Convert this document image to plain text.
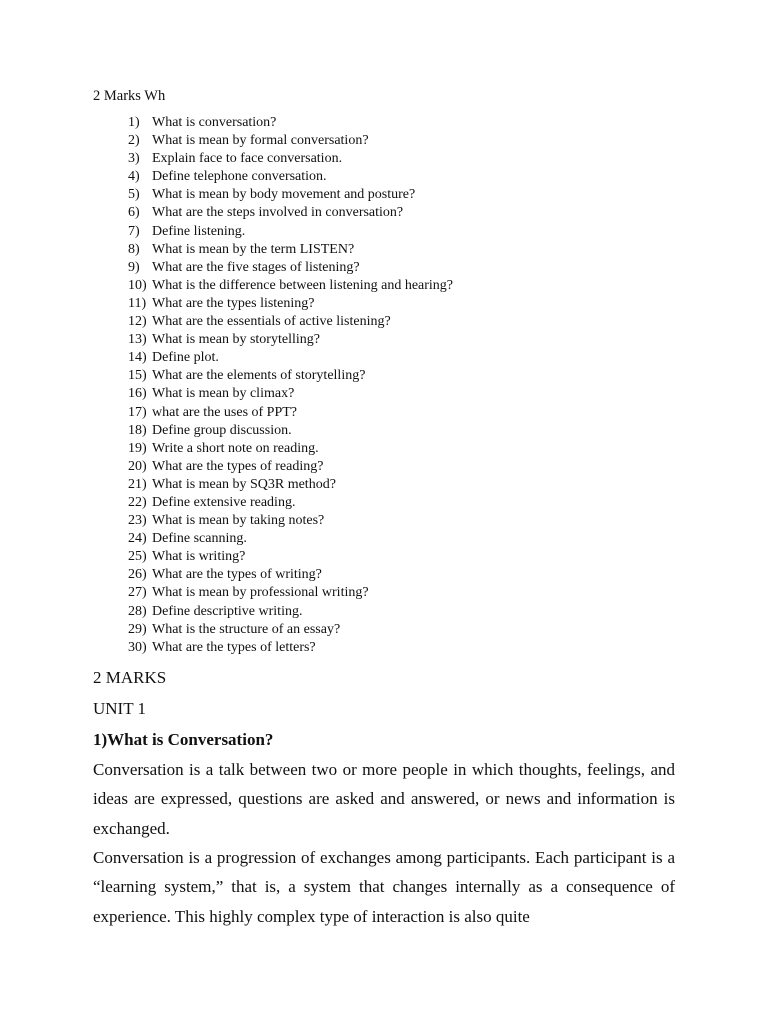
2 Marks Wh
1) What is conversation?
2) What is mean by formal conversation?
3) Explain face to face conversation.
4) Define telephone conversation.
5) What is mean by body movement and posture?
6) What are the steps involved in conversation?
7) Define listening.
8) What is mean by the term LISTEN?
9) What are the five stages of listening?
10) What is the difference between listening and hearing?
11) What are the types listening?
12) What are the essentials of active listening?
13) What is mean by storytelling?
14) Define plot.
15) What are the elements of storytelling?
16) What is mean by climax?
17) what are the uses of PPT?
18) Define group discussion.
19) Write a short note on reading.
20) What are the types of reading?
21) What is mean by SQ3R method?
22) Define extensive reading.
23) What is mean by taking notes?
24) Define scanning.
25) What is writing?
26) What are the types of writing?
27) What is mean by professional writing?
28) Define descriptive writing.
29) What is the structure of an essay?
30) What are the types of letters?
2 MARKS
UNIT 1
1)What is Conversation?

Conversation is a talk between two or more people in which thoughts, feelings, and ideas are expressed, questions are asked and answered, or news and information is exchanged.

Conversation is a progression of exchanges among participants. Each participant is a “learning system,” that is, a system that changes internally as a consequence of experience. This highly complex type of interaction is also quite
